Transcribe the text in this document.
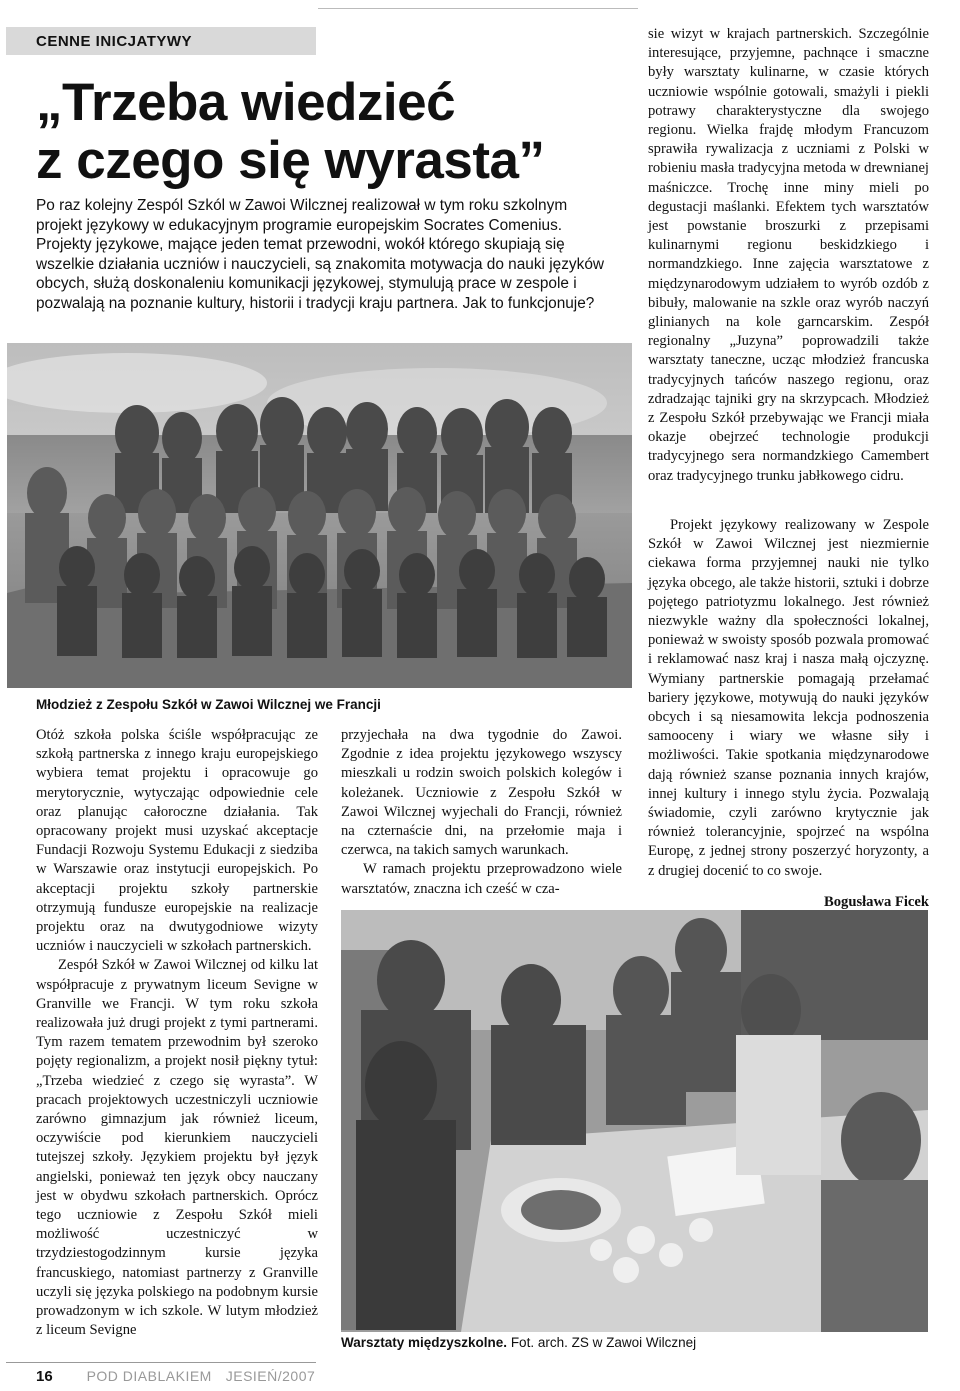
CENNE INICJATYWY
„Trzeba wiedzieć
z czego się wyrasta”
Po raz kolejny Zespól Szkól w Zawoi Wilcznej realizował w tym roku szkolnym
projekt językowy w edukacyjnym programie europejskim Socrates Comenius.
Projekty językowe, mające jeden temat przewodni, wokół którego skupiają się
wszelkie działania uczniów i nauczycieli, są znakomita motywacja do nauki języków
obcych, służą doskonaleniu komunikacji językowej, stymulują prace w zespole i
pozwalają na poznanie kultury, historii i tradycji kraju partnera. Jak to funkcjonuje?
Młodzież z Zespołu Szkół w Zawoi Wilcznej we Francji

Otóż szkoła polska ściśle współpracując ze szkołą partnerska z innego kraju europejskiego wybiera temat projektu i opracowuje go merytorycznie, wytyczając odpowiednie cele oraz planując całoroczne działania. Tak opracowany projekt musi uzyskać akceptacje Fundacji Rozwoju Systemu Edukacji z siedziba w Warszawie oraz instytucji europejskich. Po akceptacji projektu szkoły partnerskie otrzymują fundusze europejskie na realizacje projektu oraz na dwutygodniowe wizyty uczniów i nauczycieli w szkołach partnerskich.

Zespół Szkół w Zawoi Wilcznej od kilku lat współpracuje z prywatnym liceum Sevigne w Granville we Francji. W tym roku szkoła realizowała już drugi projekt z tymi partnerami. Tym razem tematem przewodnim był szeroko pojęty regionalizm, a projekt nosił piękny tytuł: „Trzeba wiedzieć z czego się wyrasta”. W pracach projektowych uczestniczyli uczniowie zarówno gimnazjum jak również liceum, oczywiście pod kierunkiem nauczycieli tutejszej szkoły. Językiem projektu był język angielski, ponieważ ten język obcy nauczany jest w obydwu szkołach partnerskich. Oprócz tego uczniowie z Zespołu Szkół mieli możliwość uczestniczyć w trzydziestogodzinnym kursie języka francuskiego, natomiast partnerzy z Granville uczyli się języka polskiego na podobnym kursie prowadzonym w ich szkole. W lutym młodzież z liceum Sevigne

przyjechała na dwa tygodnie do Zawoi. Zgodnie z idea projektu językowego wszyscy mieszkali u rodzin swoich polskich kolegów i koleżanek. Uczniowie z Zespołu Szkół w Zawoi Wilcznej wyjechali do Francji, również na czternaście dni, na przełomie maja i czerwca, na takich samych warunkach.

W ramach projektu przeprowadzono wiele warsztatów, znaczna ich cześć w cza-

sie wizyt w krajach partnerskich. Szczególnie interesujące, przyjemne, pachnące i smaczne były warsztaty kulinarne, w czasie których uczniowie wspólnie gotowali, smażyli i piekli potrawy charakterystyczne dla swojego regionu. Wielka frajdę młodym Francuzom sprawiła rywalizacja z uczniami z Polski w robieniu masła tradycyjna metoda w drewnianej maśniczce. Trochę inne miny mieli po degustacji maślanki. Efektem tych warsztatów jest powstanie broszurki z przepisami kulinarnymi regionu beskidzkiego i normandzkiego. Inne zajęcia warsztatowe z międzynarodowym udziałem to wyrób ozdób z bibuły, malowanie na szkle oraz wyrób naczyń glinianych na kole garncarskim. Zespół regionalny „Juzyna” poprowadzili także warsztaty taneczne, ucząc młodzież francuska tradycyjnych tańców naszego regionu, oraz zdradzając tajniki gry na skrzypcach. Młodzież z Zespołu Szkół przebywając we Francji miała okazje obejrzeć technologie produkcji tradycyjnego sera normandzkiego Camembert oraz tradycyjnego trunku jabłkowego cidru.

Projekt językowy realizowany w Zespole Szkół w Zawoi Wilcznej jest niezmiernie ciekawa forma przyjemnej nauki nie tylko języka obcego, ale także historii, sztuki i dobrze pojętego patriotyzmu lokalnego. Jest również niezwykle ważny dla społeczności lokalnej, ponieważ w swoisty sposób pozwala promować i reklamować nasz kraj i nasza małą ojczyznę. Wymiany partnerskie pomagają przełamać bariery językowe, motywują do nauki języków obcych i są niesamowita lekcja podnoszenia samooceny i wiary we własne siły i możliwości. Takie spotkania międzynarodowe dają również szanse poznania innych krajów, innej kultury i innego stylu życia. Pozwalają świadomie, czyli zarówno krytycznie jak również tolerancyjnie, spojrzeć na wspólna Europę, z jednej strony poszerzyć horyzonty, a z drugiej docenić to co swoje.

Bogusława Ficek
Warsztaty międzyszkolne. Fot. arch. ZS w Zawoi Wilcznej
16 POD DIABLAKIEM JESIEŃ/2007
